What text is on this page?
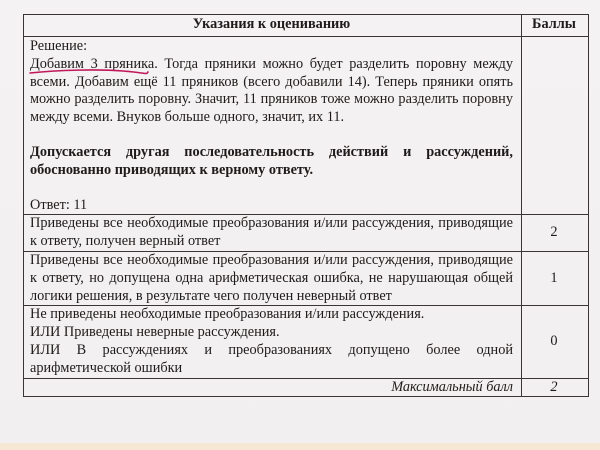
Указания к оцениванию	Баллы

Решение:

Добавим 3 пряника
. Тогда пряники можно будет разделить поровну между всеми. Добавим ещё 11 пряников (всего добавили 14). Теперь пряники опять можно разделить поровну. Значит, 11 пряников тоже можно разделить поровну между всеми. Внуков больше одного, значит, их 11.

Допускается другая последовательность действий и рассуждений, обоснованно приводящих к верному ответу.

Ответ: 11	

Приведены все необходимые преобразования и/или рассуждения, приводящие к ответу, получен верный ответ	2
Приведены все необходимые преобразования и/или рассуждения, приводящие к ответу, но допущена одна арифметическая ошибка, не нарушающая общей логики решения, в результате чего получен неверный ответ	1

Не приведены необходимые преобразования и/или рассуждения.
ИЛИ Приведены неверные рассуждения.
ИЛИ В рассуждениях и преобразованиях допущено более одной арифметической ошибки	0
Максимальный балл	2
